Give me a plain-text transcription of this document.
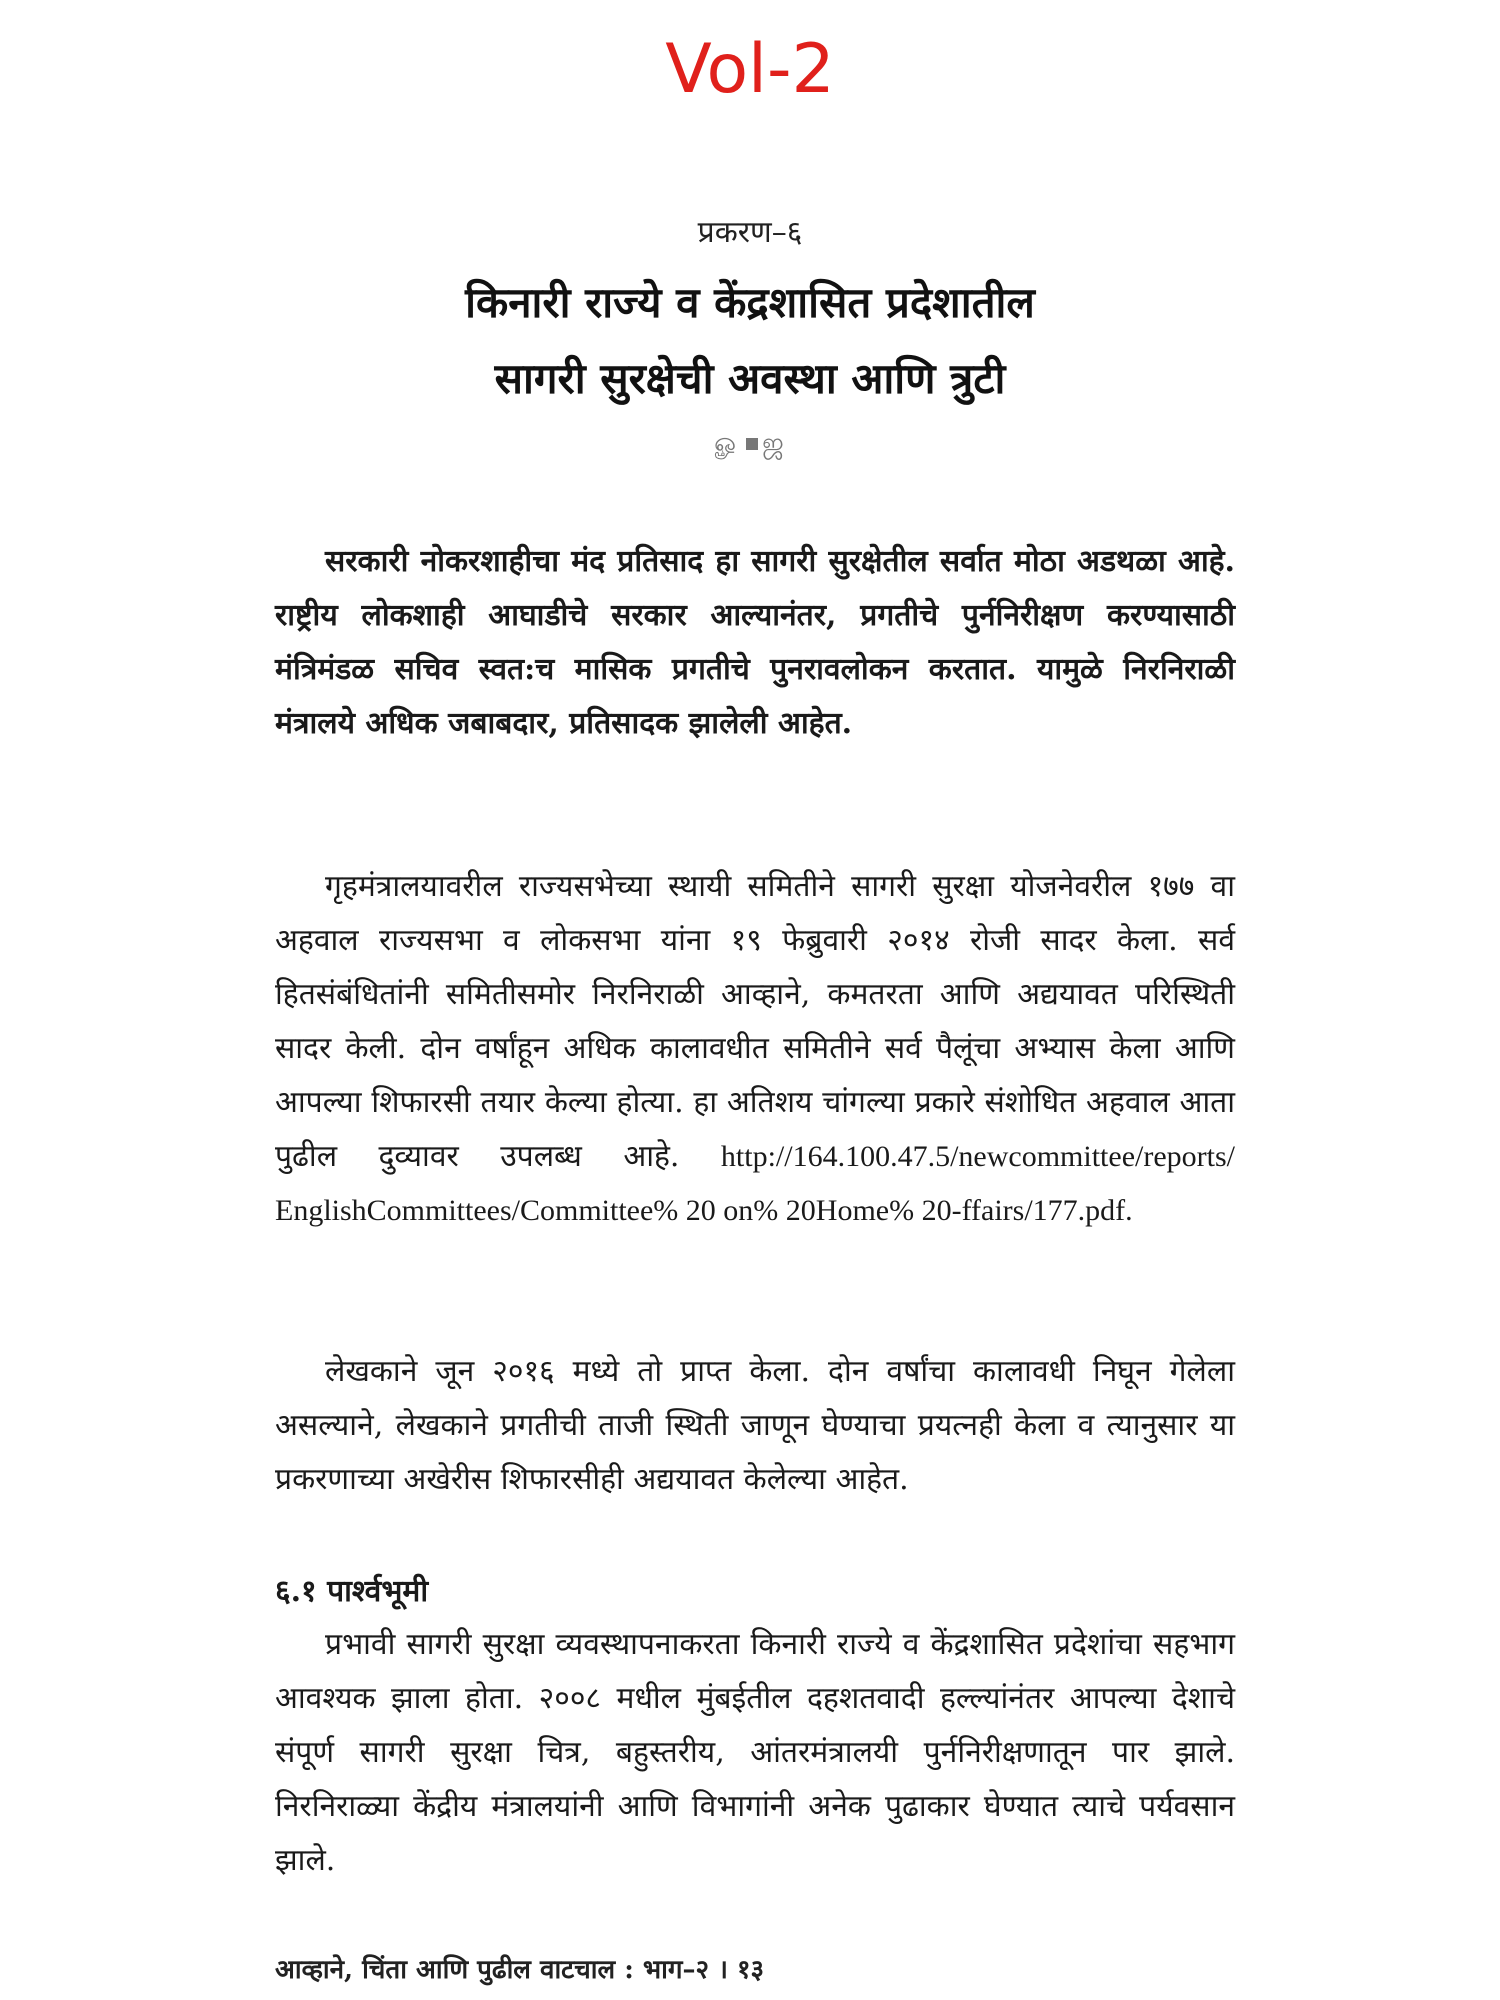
Vol-2
प्रकरण–६
किनारी राज्ये व केंद्रशासित प्रदेशातील
सागरी सुरक्षेची अवस्था आणि त्रुटी
ௐ ஜ

सरकारी नोकरशाहीचा मंद प्रतिसाद हा सागरी सुरक्षेतील सर्वात मोठा अडथळा आहे. राष्ट्रीय लोकशाही आघाडीचे सरकार आल्यानंतर, प्रगतीचे पुर्ननिरीक्षण करण्यासाठी मंत्रिमंडळ सचिव स्वत:च मासिक प्रगतीचे पुनरावलोकन करतात. यामुळे निरनिराळी मंत्रालये अधिक जबाबदार, प्रतिसादक झालेली आहेत.

गृहमंत्रालयावरील राज्यसभेच्या स्थायी समितीने सागरी सुरक्षा योजनेवरील १७७ वा अहवाल राज्यसभा व लोकसभा यांना १९ फेब्रुवारी २०१४ रोजी सादर केला. सर्व हितसंबंधितांनी समितीसमोर निरनिराळी आव्हाने, कमतरता आणि अद्ययावत परिस्थिती सादर केली. दोन वर्षांहून अधिक कालावधीत समितीने सर्व पैलूंचा अभ्यास केला आणि आपल्या शिफारसी तयार केल्या होत्या. हा अतिशय चांगल्या प्रकारे संशोधित अहवाल आता पुढील दुव्यावर उपलब्ध आहे. http://164.100.47.5/newcommittee/reports/ EnglishCommittees/Committee% 20 on% 20Home% 20-ffairs/177.pdf.

लेखकाने जून २०१६ मध्ये तो प्राप्त केला. दोन वर्षांचा कालावधी निघून गेलेला असल्याने, लेखकाने प्रगतीची ताजी स्थिती जाणून घेण्याचा प्रयत्नही केला व त्यानुसार या प्रकरणाच्या अखेरीस शिफारसीही अद्ययावत केलेल्या आहेत.

६.१ पार्श्वभूमी

प्रभावी सागरी सुरक्षा व्यवस्थापनाकरता किनारी राज्ये व केंद्रशासित प्रदेशांचा सहभाग आवश्यक झाला होता. २००८ मधील मुंबईतील दहशतवादी हल्ल्यांनंतर आपल्या देशाचे संपूर्ण सागरी सुरक्षा चित्र, बहुस्तरीय, आंतरमंत्रालयी पुर्ननिरीक्षणातून पार झाले. निरनिराळ्या केंद्रीय मंत्रालयांनी आणि विभागांनी अनेक पुढाकार घेण्यात त्याचे पर्यवसान झाले.

आव्हाने, चिंता आणि पुढील वाटचाल : भाग–२ । १३
